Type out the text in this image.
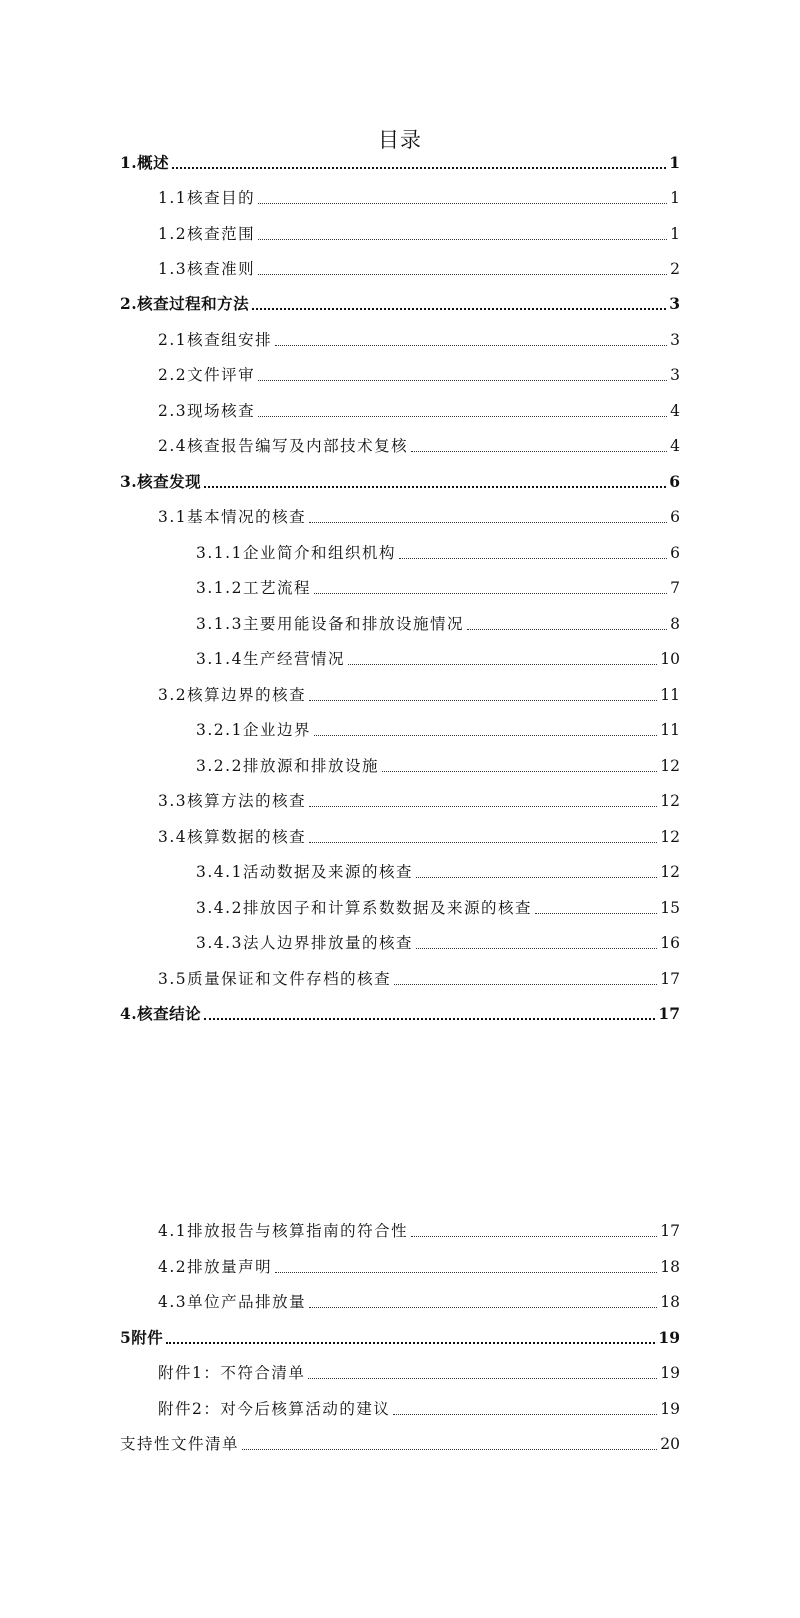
目录
1.概述	1
1.1核查目的	1
1.2核查范围	1
1.3核查准则	2
2.核查过程和方法	3
2.1核查组安排	3
2.2文件评审	3
2.3现场核查	4
2.4核查报告编写及内部技术复核	4
3.核查发现	6
3.1基本情况的核查	6
3.1.1企业简介和组织机构	6
3.1.2工艺流程	7
3.1.3主要用能设备和排放设施情况	8
3.1.4生产经营情况	10
3.2核算边界的核查	11
3.2.1企业边界	11
3.2.2排放源和排放设施	12
3.3核算方法的核查	12
3.4核算数据的核查	12
3.4.1活动数据及来源的核查	12
3.4.2排放因子和计算系数数据及来源的核查	15
3.4.3法人边界排放量的核查	16
3.5质量保证和文件存档的核查	17
4.核查结论	17
4.1排放报告与核算指南的符合性	17
4.2排放量声明	18
4.3单位产品排放量	18
5附件	19
附件1：不符合清单	19
附件2：对今后核算活动的建议	19
支持性文件清单	20
